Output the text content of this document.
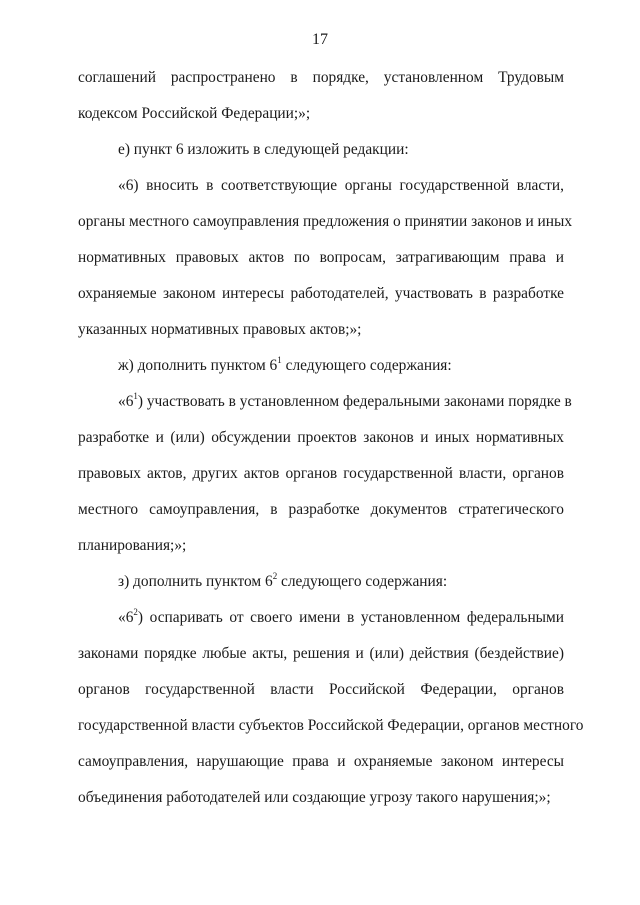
17
соглашений распространено в порядке, установленном Трудовым
кодексом Российской Федерации;»;
е) пункт 6 изложить в следующей редакции:
«6) вносить в соответствующие органы государственной власти,
органы местного самоуправления предложения о принятии законов и иных
нормативных правовых актов по вопросам, затрагивающим права и
охраняемые законом интересы работодателей, участвовать в разработке
указанных нормативных правовых актов;»;
ж) дополнить пунктом $6^1$ следующего содержания:
«$6^1$) участвовать в установленном федеральными законами порядке в
разработке и (или) обсуждении проектов законов и иных нормативных
правовых актов, других актов органов государственной власти, органов
местного самоуправления, в разработке документов стратегического
планирования;»;
з) дополнить пунктом $6^2$ следующего содержания:
«$6^2$) оспаривать от своего имени в установленном федеральными
законами порядке любые акты, решения и (или) действия (бездействие)
органов государственной власти Российской Федерации, органов
государственной власти субъектов Российской Федерации, органов местного
самоуправления, нарушающие права и охраняемые законом интересы
объединения работодателей или создающие угрозу такого нарушения;»;
